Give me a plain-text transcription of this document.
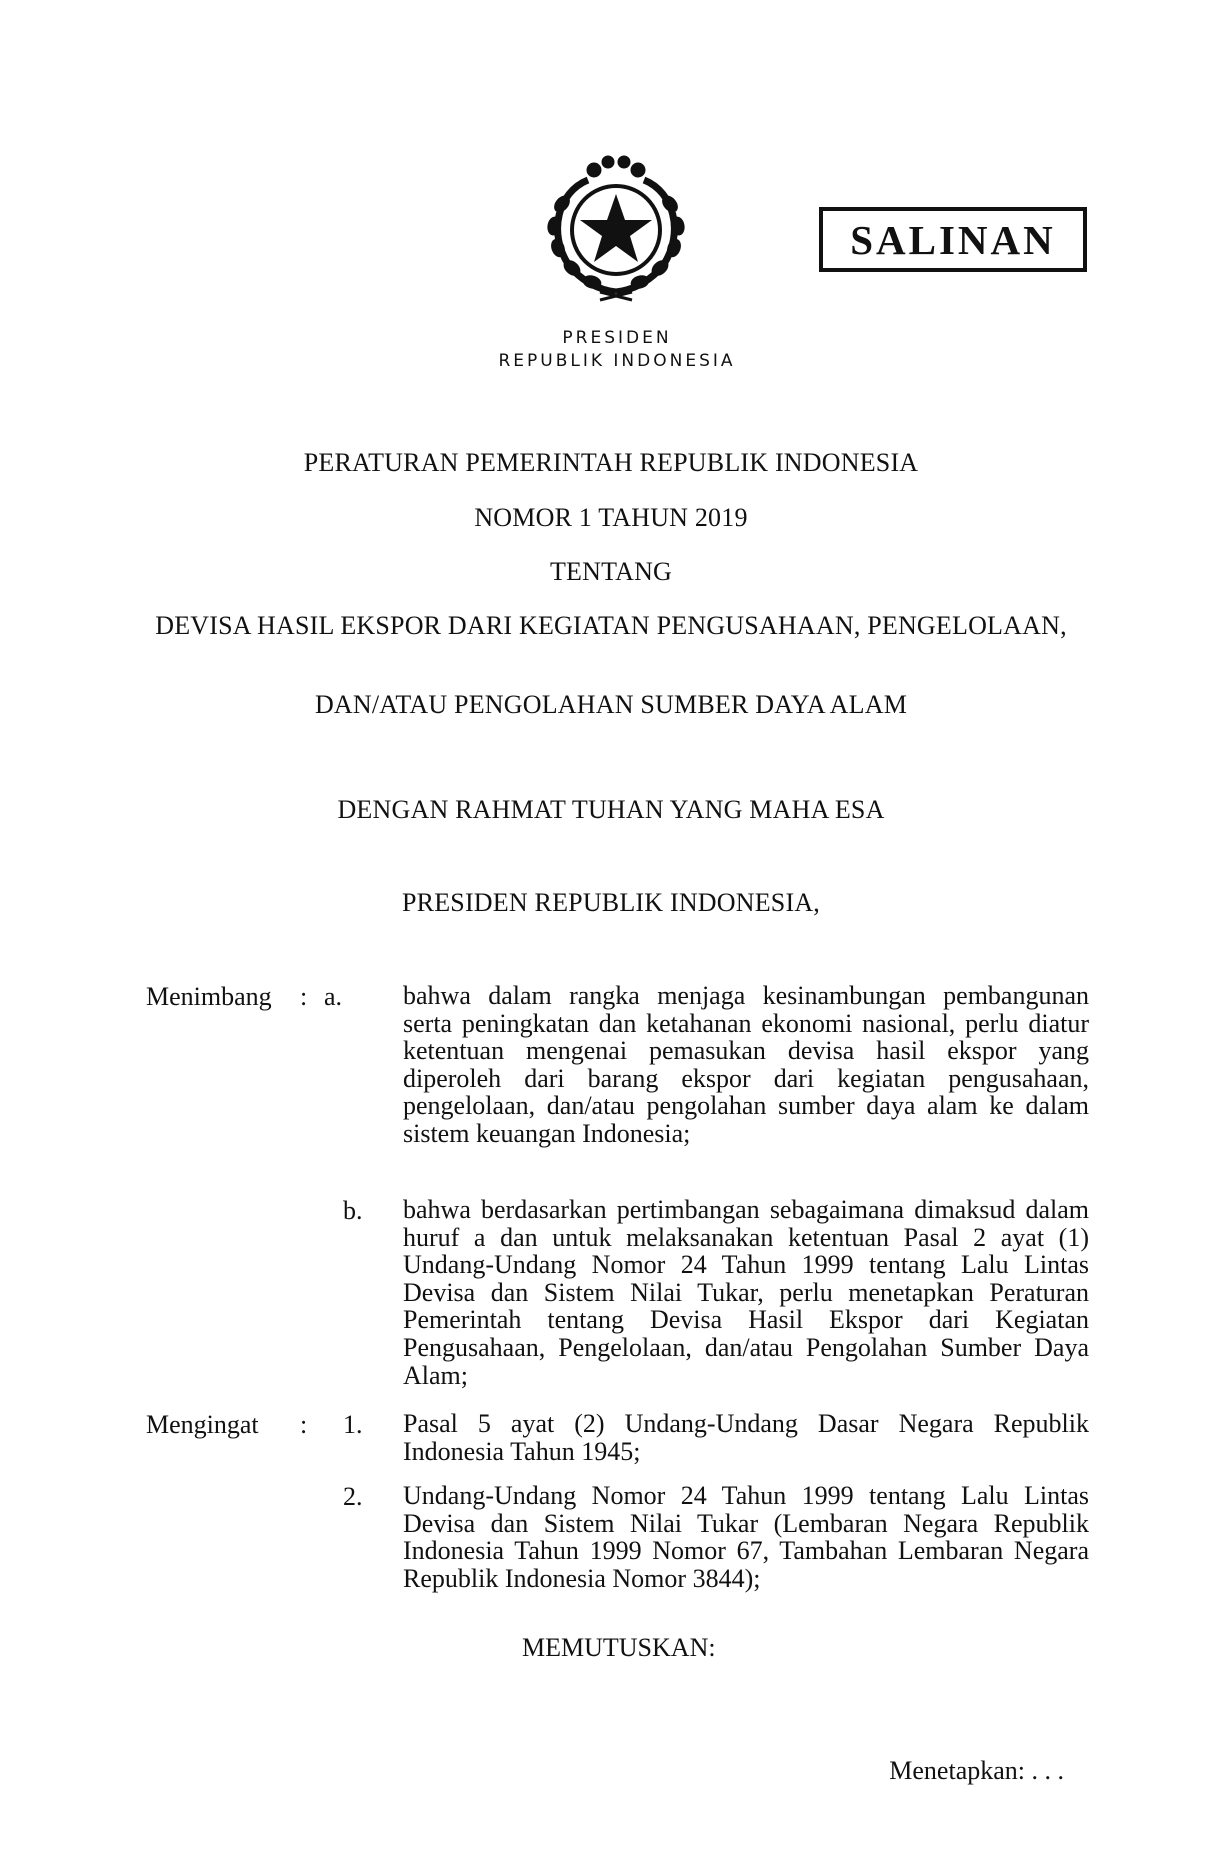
SALINAN
PRESIDEN
REPUBLIK INDONESIA
PERATURAN PEMERINTAH REPUBLIK INDONESIA
NOMOR 1 TAHUN 2019
TENTANG
DEVISA HASIL EKSPOR DARI KEGIATAN PENGUSAHAAN, PENGELOLAAN,
DAN/ATAU PENGOLAHAN SUMBER DAYA ALAM
DENGAN RAHMAT TUHAN YANG MAHA ESA
PRESIDEN REPUBLIK INDONESIA,
Menimbang : a. bahwa dalam rangka menjaga kesinambungan pembangunan serta peningkatan dan ketahanan ekonomi nasional, perlu diatur ketentuan mengenai pemasukan devisa hasil ekspor yang diperoleh dari barang ekspor dari kegiatan pengusahaan, pengelolaan, dan/atau pengolahan sumber daya alam ke dalam sistem keuangan Indonesia;
b. bahwa berdasarkan pertimbangan sebagaimana dimaksud dalam huruf a dan untuk melaksanakan ketentuan Pasal 2 ayat (1) Undang-Undang Nomor 24 Tahun 1999 tentang Lalu Lintas Devisa dan Sistem Nilai Tukar, perlu menetapkan Peraturan Pemerintah tentang Devisa Hasil Ekspor dari Kegiatan Pengusahaan, Pengelolaan, dan/atau Pengolahan Sumber Daya Alam;
Mengingat : 1. Pasal 5 ayat (2) Undang-Undang Dasar Negara Republik Indonesia Tahun 1945;
2. Undang-Undang Nomor 24 Tahun 1999 tentang Lalu Lintas Devisa dan Sistem Nilai Tukar (Lembaran Negara Republik Indonesia Tahun 1999 Nomor 67, Tambahan Lembaran Negara Republik Indonesia Nomor 3844);
MEMUTUSKAN:
Menetapkan: . . .
